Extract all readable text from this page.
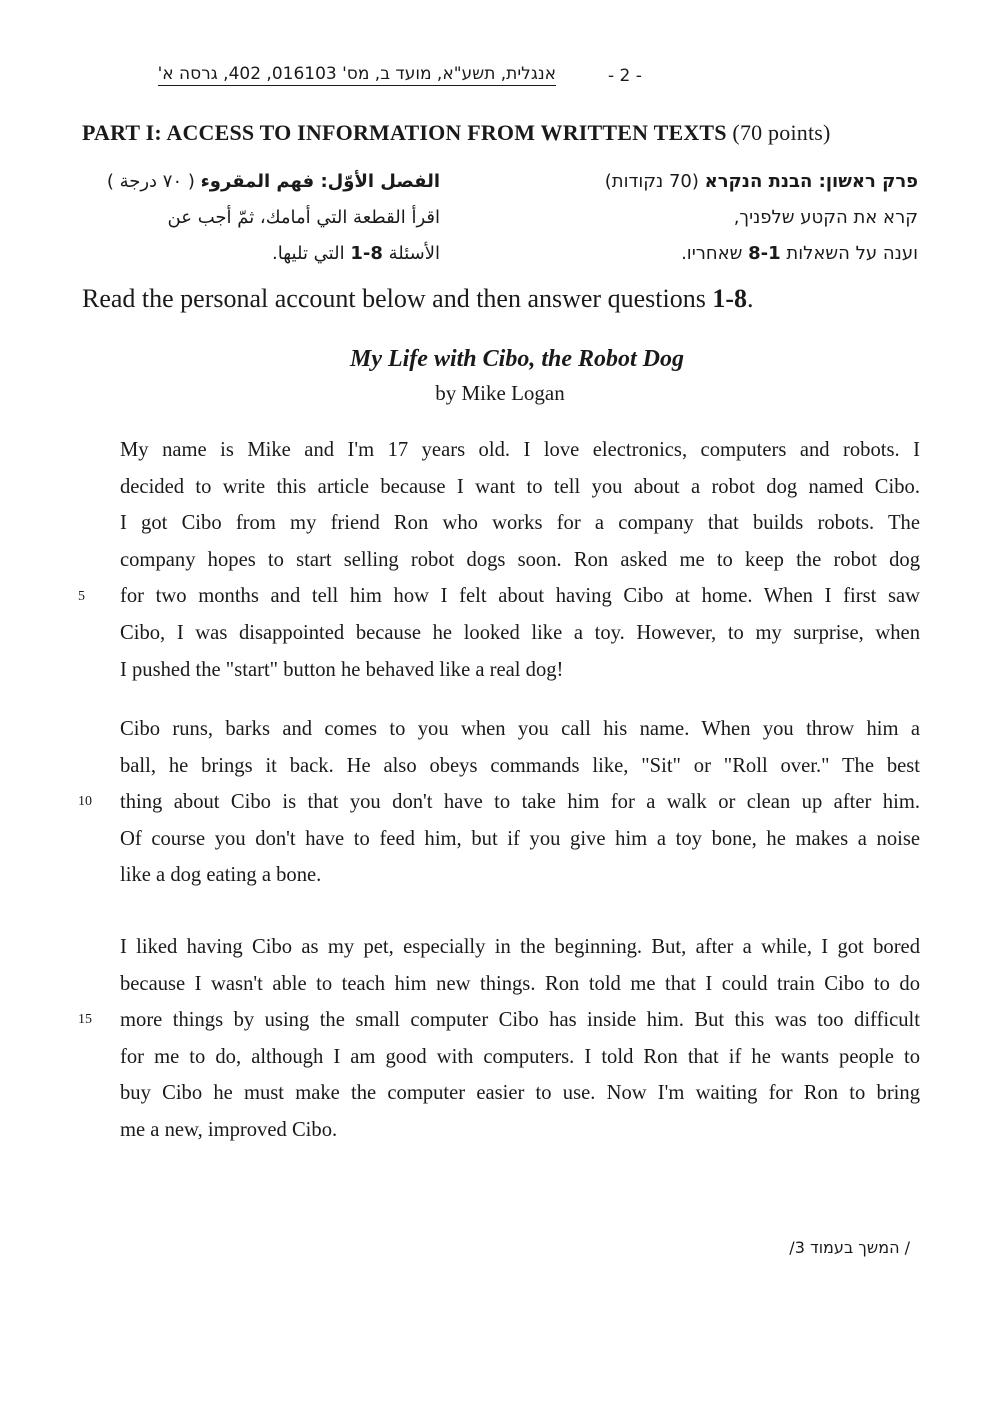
אנגלית, תשע"א, מועד ב, מס' 016103, 402, גרסה א'	- 2 -
PART I: ACCESS TO INFORMATION FROM WRITTEN TEXTS (70 points)
פרק ראשון: הבנת הנקרא (70 נקודות)
קרא את הקטע שלפניך,
וענה על השאלות 8-1 שאחריו.
الفصل الأوّل: فهم المقروء ( ٧٠ درجة )
اقرأ القطعة التي أمامك، ثمّ أجب عن
الأسئلة 8-1 التي تليها.
Read the personal account below and then answer questions 1-8.
My Life with Cibo, the Robot Dog
by Mike Logan
My name is Mike and I'm 17 years old. I love electronics, computers and robots. I
decided to write this article because I want to tell you about a robot dog named Cibo.
I got Cibo from my friend Ron who works for a company that builds robots. The
company hopes to start selling robot dogs soon. Ron asked me to keep the robot dog
for two months and tell him how I felt about having Cibo at home. When I first saw
Cibo, I was disappointed because he looked like a toy. However, to my surprise, when
I pushed the "start" button he behaved like a real dog!
Cibo runs, barks and comes to you when you call his name. When you throw him a
ball, he brings it back. He also obeys commands like, "Sit" or "Roll over." The best
thing about Cibo is that you don't have to take him for a walk or clean up after him.
Of course you don't have to feed him, but if you give him a toy bone, he makes a noise
like a dog eating a bone.
I liked having Cibo as my pet, especially in the beginning. But, after a while, I got bored
because I wasn't able to teach him new things. Ron told me that I could train Cibo to do
more things by using the small computer Cibo has inside him. But this was too difficult
for me to do, although I am good with computers. I told Ron that if he wants people to
buy Cibo he must make the computer easier to use. Now I'm waiting for Ron to bring
me a new, improved Cibo.
5
10
15
/ המשך בעמוד 3/
